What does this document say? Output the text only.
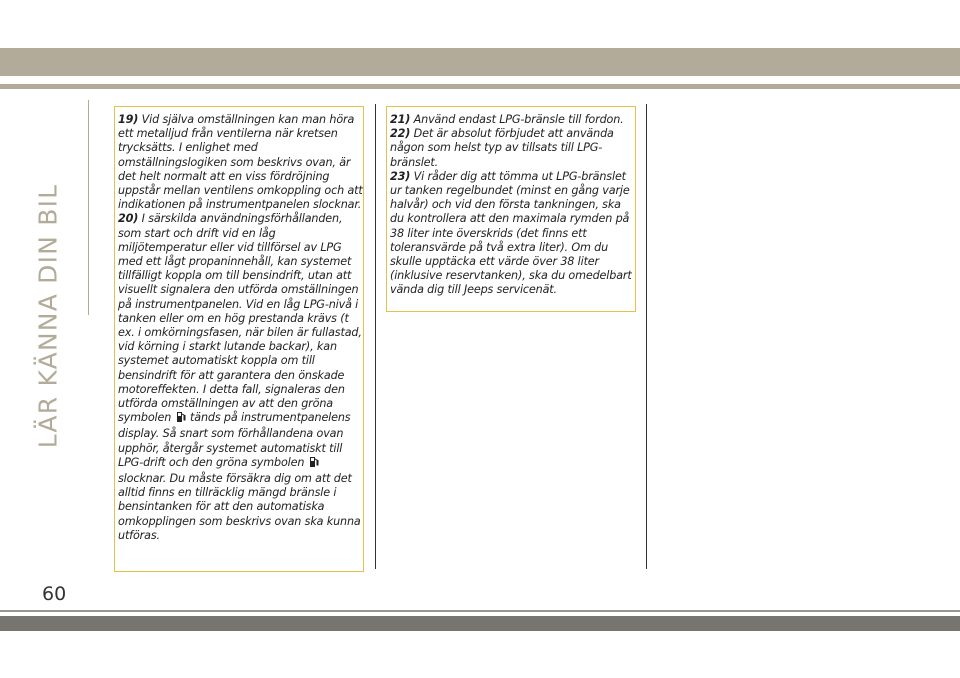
LÄR KÄNNA DIN BIL

19) Vid själva omställningen kan man höra ett metalljud från ventilerna när kretsen trycksätts. I enlighet med omställningslogiken som beskrivs ovan, är det helt normalt att en viss fördröjning uppstår mellan ventilens omkoppling och att indikationen på instrumentpanelen slocknar.

20) I särskilda användningsförhållanden, som start och drift vid en låg miljötemperatur eller vid tillförsel av LPG med ett lågt propaninnehåll, kan systemet tillfälligt koppla om till bensindrift, utan att visuellt signalera den utförda omställningen på instrumentpanelen. Vid en låg LPG-nivå i tanken eller om en hög prestanda krävs (t ex. i omkörningsfasen, när bilen är fullastad, vid körning i starkt lutande backar), kan systemet automatiskt koppla om till bensindrift för att garantera den önskade motoreffekten. I detta fall, signaleras den utförda omställningen av att den gröna symbolen tänds på instrumentpanelens display. Så snart som förhållandena ovan upphör, återgår systemet automatiskt till LPG-drift och den gröna symbolen  slocknar. Du måste försäkra dig om att det alltid finns en tillräcklig mängd bränsle i bensintanken för att den automatiska omkopplingen som beskrivs ovan ska kunna utföras.

21) Använd endast LPG-bränsle till fordon.

22) Det är absolut förbjudet att använda någon som helst typ av tillsats till LPG-bränslet.

23) Vi råder dig att tömma ut LPG-bränslet ur tanken regelbundet (minst en gång varje halvår) och vid den första tankningen, ska du kontrollera att den maximala rymden på 38 liter inte överskrids (det finns ett toleransvärde på två extra liter). Om du skulle upptäcka ett värde över 38 liter (inklusive reservtanken), ska du omedelbart vända dig till Jeeps servicenät.

60
